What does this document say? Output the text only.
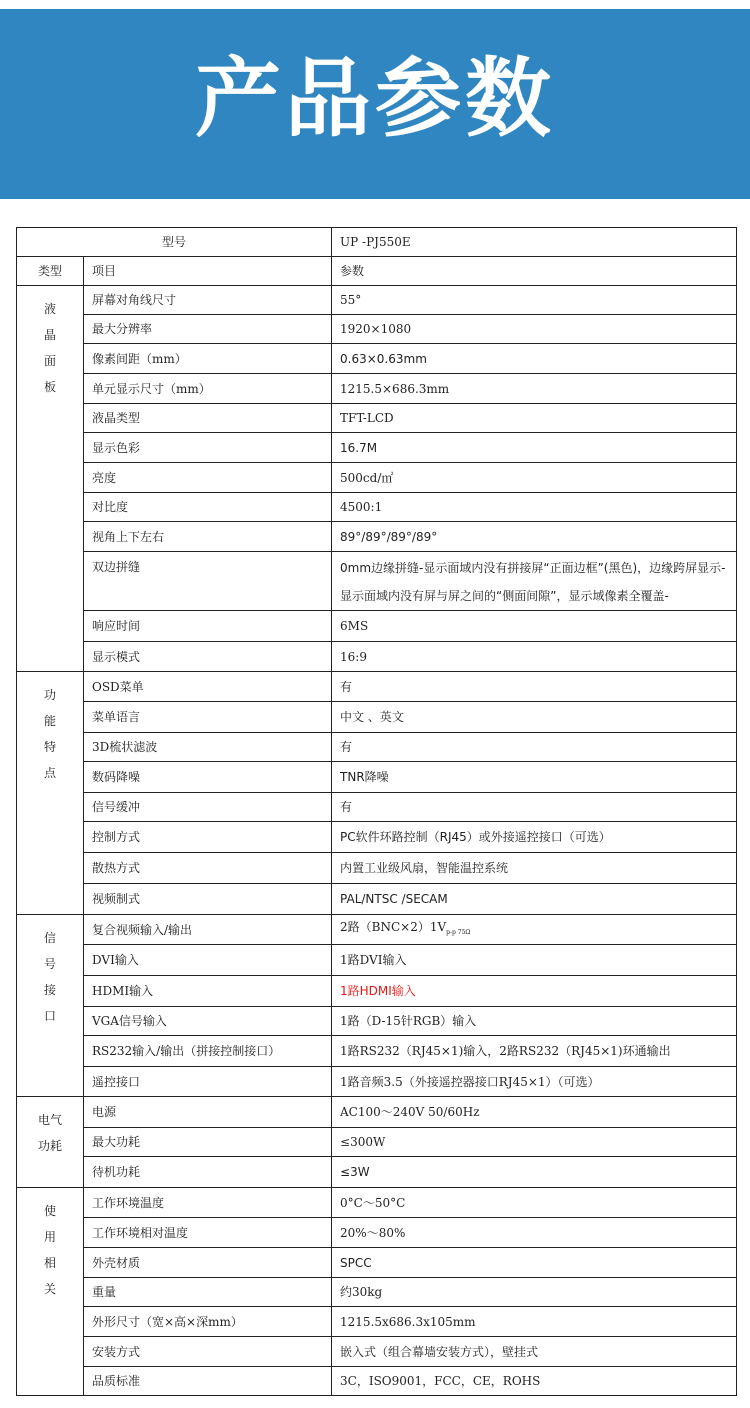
产品参数
型号		UP -PJ550E
类型	项目	参数
液
晶
面
板	屏幕对角线尺寸	55°
	最大分辨率	1920×1080
	像素间距（mm）	0.63×0.63mm
	单元显示尺寸（mm）	1215.5×686.3mm
	液晶类型	TFT-LCD
	显示色彩	16.7M
	亮度	500cd/㎡
	对比度	4500:1
	视角上下左右	89°/89°/89°/89°
	双边拼缝	0mm边缘拼缝-显示面域内没有拼接屏“正面边框”(黑色)，边缘跨屏显示-显示面域内没有屏与屏之间的“侧面间隙”，显示域像素全覆盖-
	响应时间	6MS
	显示模式	16:9
功
能
特
点	OSD菜单	有
	菜单语言	中文 、英文
	3D梳状滤波	有
	数码降噪	TNR降噪
	信号缓冲	有
	控制方式	PC软件环路控制（RJ45）或外接遥控接口（可选）
	散热方式	内置工业级风扇，智能温控系统
	视频制式	PAL/NTSC /SECAM
信
号
接
口	复合视频输入/输出	2路$(BNC\times 2)1V_{p-p 75\Omega}$
	DVI输入	1路DVI输入
	HDMI输入	1路HDMI输入
	VGA信号输入	1路（D-15针RGB）输入
	RS232输入/输出（拼接控制接口）	1路RS232（RJ45×1)输入，2路RS232（RJ45×1)环通输出
	遥控接口	1路音频3.5（外接遥控器接口RJ45×1）（可选）
电气
功耗	电源	AC100～240V 50/60Hz
	最大功耗	≤300W
	待机功耗	≤3W
使
用
相
关	工作环境温度	0°C～50°C
	工作环境相对温度	20%～80%
	外壳材质	SPCC
	重量	约30kg
	外形尺寸（宽×高×深mm）	1215.5x686.3x105mm
	安装方式	嵌入式（组合幕墙安装方式），壁挂式
	品质标准	3C，ISO9001，FCC，CE，ROHS
